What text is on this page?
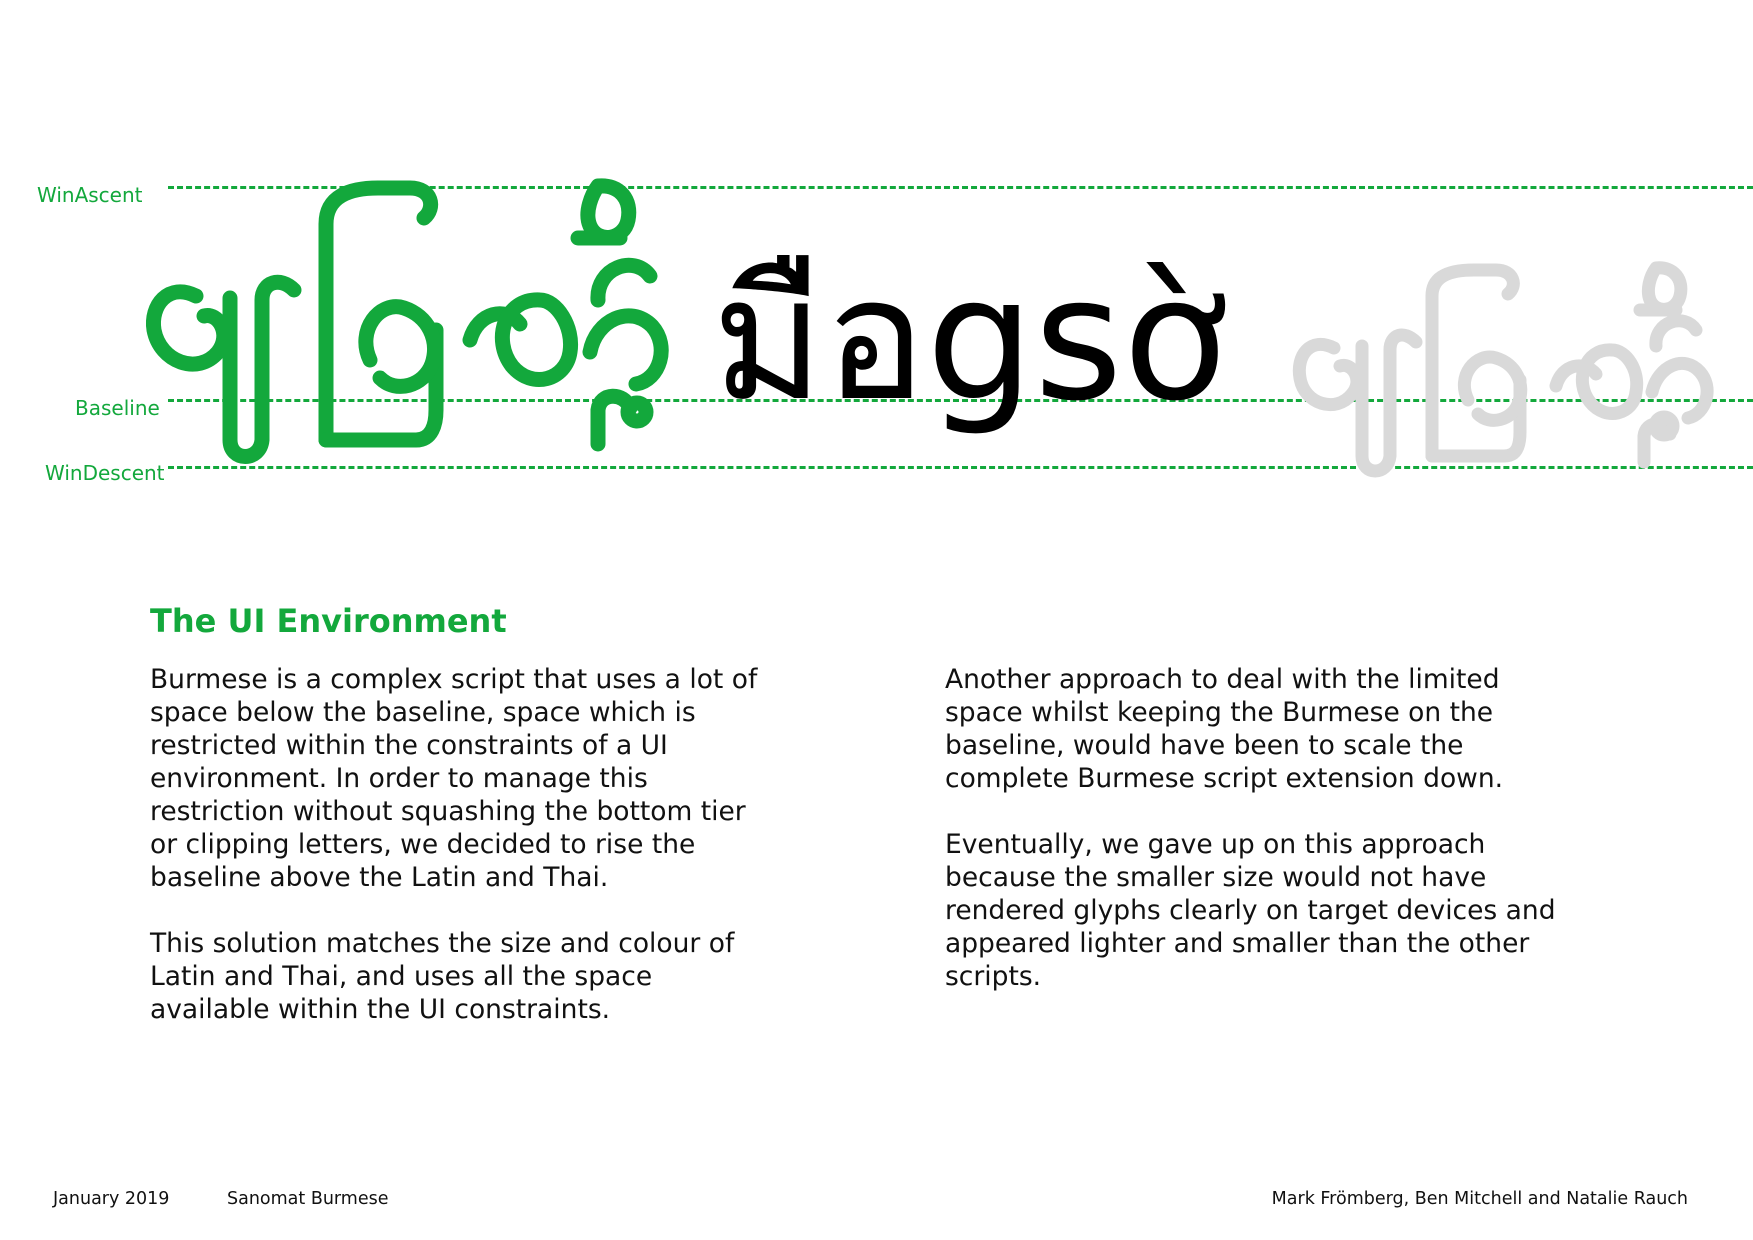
WinAscent
Baseline
WinDescent
มือgsờ
The UI Environment

Burmese is a complex script that uses a lot of space below the baseline, space which is restricted within the constraints of a UI environment. In order to manage this restriction without squashing the bottom tier or clipping letters, we decided to rise the baseline above the Latin and Thai.

This solution matches the size and colour of Latin and Thai, and uses all the space available within the UI constraints.

Another approach to deal with the limited space whilst keeping the Burmese on the baseline, would have been to scale the complete Burmese script extension down.

Eventually, we gave up on this approach because the smaller size would not have rendered glyphs clearly on target devices and appeared lighter and smaller than the other scripts.

January 2019	Sanomat Burmese	Mark Frömberg, Ben Mitchell and Natalie Rauch
